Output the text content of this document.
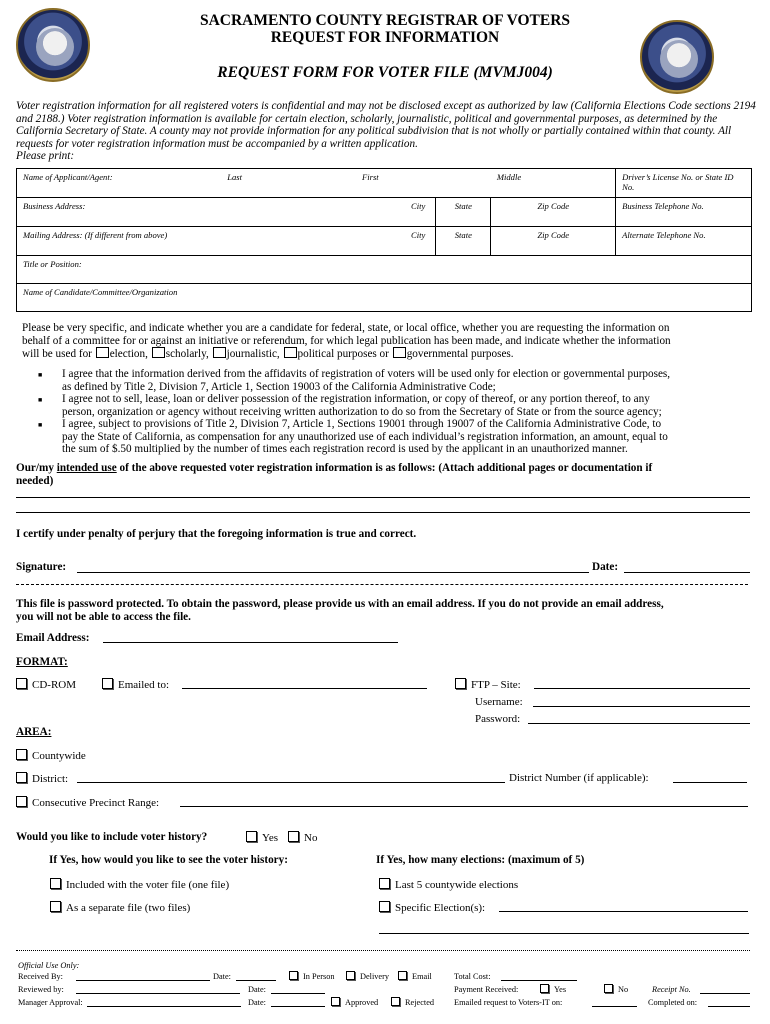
SACRAMENTO COUNTY REGISTRAR OF VOTERS
REQUEST FOR INFORMATION
REQUEST FORM FOR VOTER FILE (MVMJ004)
Voter registration information for all registered voters is confidential and may not be disclosed except as authorized by law (California Elections Code sections 2194 and 2188.) Voter registration information is available for certain election, scholarly, journalistic, political and governmental purposes, as determined by the California Secretary of State. A county may not provide information for any political subdivision that is not wholly or partially contained within that county. All requests for voter registration information must be accompanied by a written application.
Please print:
Name of Applicant/Agent:	Last	First		Middle	Driver’s License No. or State ID No.
Business Address:		City	State	Zip Code	Business Telephone No.
Mailing Address: (If different from above)		City	State	Zip Code	Alternate Telephone No.
Title or Position:					
Name of Candidate/Committee/Organization					
Please be very specific, and indicate whether you are a candidate for federal, state, or local office, whether you are requesting the information on
behalf of a committee for or against an initiative or referendum, for which legal publication has been made, and indicate whether the information
will be used for election, scholarly, journalistic, political purposes or governmental purposes.
■ I agree that the information derived from the affidavits of registration of voters will be used only for election or governmental purposes,
as defined by Title 2, Division 7, Article 1, Section 19003 of the California Administrative Code;
■ I agree not to sell, lease, loan or deliver possession of the registration information, or copy of thereof, or any portion thereof, to any
person, organization or agency without receiving written authorization to do so from the Secretary of State or from the source agency;
■ I agree, subject to provisions of Title 2, Division 7, Article 1, Sections 19001 through 19007 of the California Administrative Code, to
pay the State of California, as compensation for any unauthorized use of each individual’s registration information, an amount, equal to
the sum of $.50 multiplied by the number of times each registration record is used by the applicant in an unauthorized manner.
Our/my intended use of the above requested voter registration information is as follows: (Attach additional pages or documentation if
needed)
I certify under penalty of perjury that the foregoing information is true and correct.
Signature:	Date:
This file is password protected. To obtain the password, please provide us with an email address. If you do not provide an email address,
you will not be able to access the file.
Email Address:
FORMAT:
CD-ROM	Emailed to:	FTP – Site:
Username:
Password:
AREA:
Countywide
District:	District Number (if applicable):
Consecutive Precinct Range:
Would you like to include voter history?	Yes	No
If Yes, how would you like to see the voter history:	If Yes, how many elections: (maximum of 5)
Included with the voter file (one file)	Last 5 countywide elections
As a separate file (two files)	Specific Election(s):
Official Use Only:
Received By:	Date:	In Person	Delivery	Email	Total Cost:
Reviewed by:	Date:	Payment Received:	Yes	No	Receipt No.
Manager Approval:	Date:	Approved	Rejected Emailed request to Voters-IT on:	Completed on:
